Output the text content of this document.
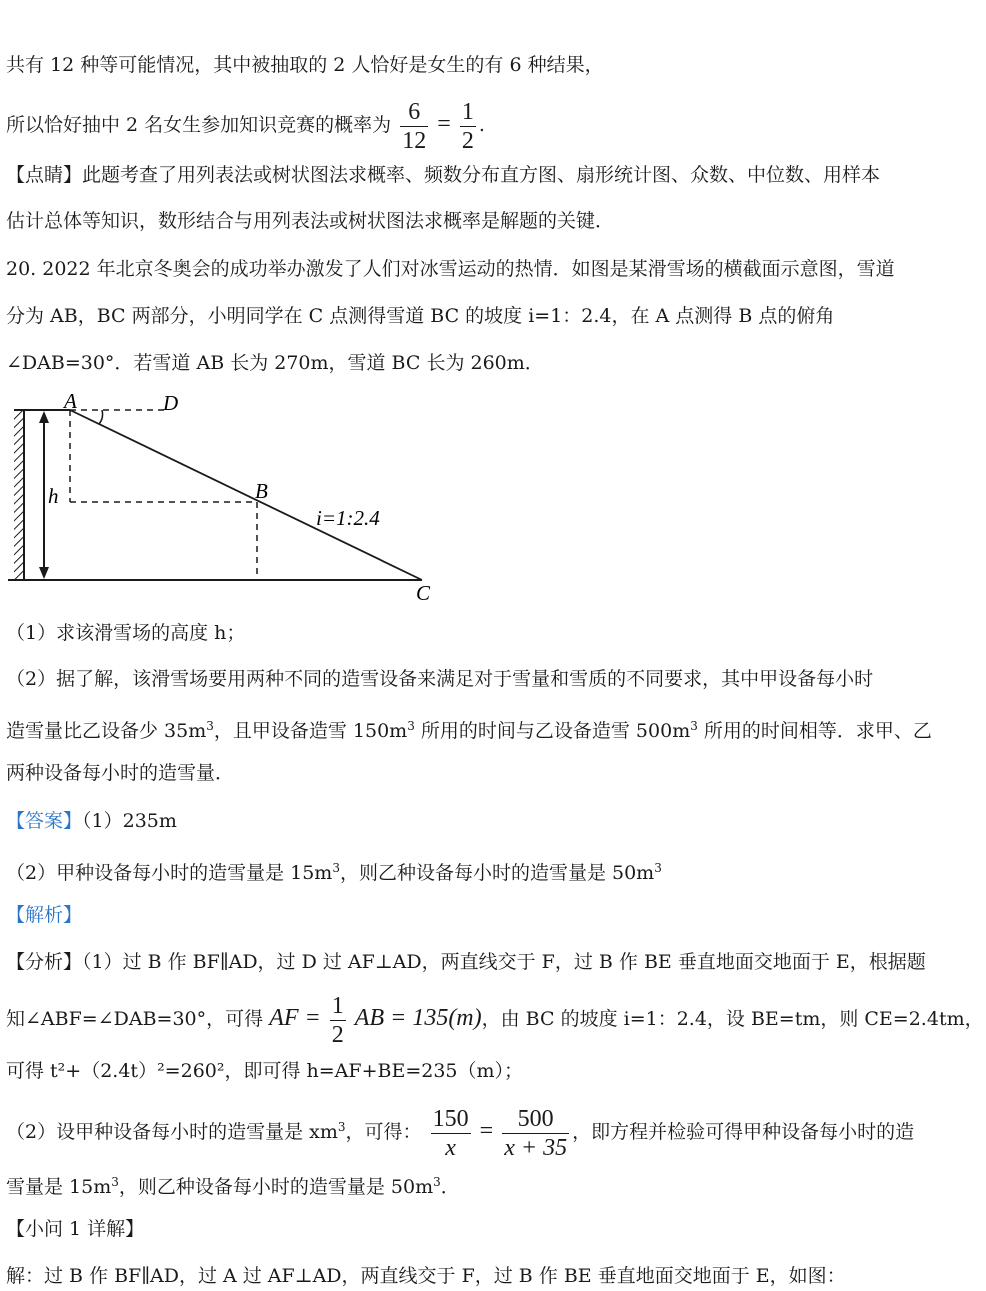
共有 12 种等可能情况，其中被抽取的 2 人恰好是女生的有 6 种结果，
所以恰好抽中 2 名女生参加知识竞赛的概率为 $\frac{6}{12} = \frac{1}{2}$ .
【点睛】此题考查了用列表法或树状图法求概率、频数分布直方图、扇形统计图、众数、中位数、用样本
估计总体等知识，数形结合与用列表法或树状图法求概率是解题的关键．
20. 2022 年北京冬奥会的成功举办激发了人们对冰雪运动的热情．如图是某滑雪场的横截面示意图，雪道
分为 AB，BC 两部分，小明同学在 C 点测得雪道 BC 的坡度 i=1：2.4，在 A 点测得 B 点的俯角
∠DAB=30°．若雪道 AB 长为 270m，雪道 BC 长为 260m．
A	D
h	B
i=1:2.4
C
（1）求该滑雪场的高度 h；
（2）据了解，该滑雪场要用两种不同的造雪设备来满足对于雪量和雪质的不同要求，其中甲设备每小时
造雪量比乙设备少 $35m^3$，且甲设备造雪 $150m^3$ 所用的时间与乙设备造雪 $500m^3$ 所用的时间相等．求甲、乙
两种设备每小时的造雪量．
【答案】（1）235m
（2）甲种设备每小时的造雪量是 $15m^3$，则乙种设备每小时的造雪量是 $50m^3$
【解析】
【分析】（1）过 B 作 BF∥AD，过 D 过 AF⊥AD，两直线交于 F，过 B 作 BE 垂直地面交地面于 E，根据题
知∠ABF=∠DAB=30°，可得 AF = $\frac{1}{2}$ AB = 135(m)，由 BC 的坡度 i=1：2.4，设 BE=tm，则 CE=2.4tm，
可得 t²+（2.4t）²=260²，即可得 h=AF+BE=235（m）；
（2）设甲种设备每小时的造雪量是 $xm^3$，可得： $\frac{150}{x} = \frac{500}{x + 35}$ ，即方程并检验可得甲种设备每小时的造
雪量是 $15m^3$，则乙种设备每小时的造雪量是 $50m^3$．
【小问 1 详解】
解：过 B 作 BF∥AD，过 A 过 AF⊥AD，两直线交于 F，过 B 作 BE 垂直地面交地面于 E，如图：
